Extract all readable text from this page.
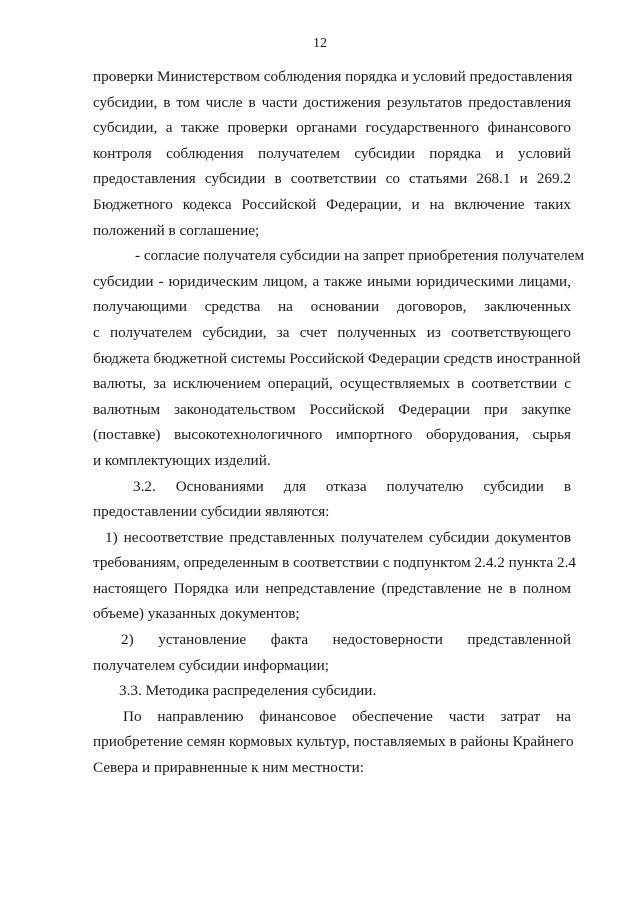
12
проверки Министерством соблюдения порядка и условий предоставления
субсидии, в том числе в части достижения результатов предоставления
субсидии, а также проверки органами государственного финансового
контроля соблюдения получателем субсидии порядка и условий
предоставления субсидии в соответствии со статьями 268.1 и 269.2
Бюджетного кодекса Российской Федерации, и на включение таких
положений в соглашение;
- согласие получателя субсидии на запрет приобретения получателем
субсидии - юридическим лицом, а также иными юридическими лицами,
получающими средства на основании договоров, заключенных
с получателем субсидии, за счет полученных из соответствующего
бюджета бюджетной системы Российской Федерации средств иностранной
валюты, за исключением операций, осуществляемых в соответствии с
валютным законодательством Российской Федерации при закупке
(поставке) высокотехнологичного импортного оборудования, сырья
и комплектующих изделий.
3.2. Основаниями для отказа получателю субсидии в
предоставлении субсидии являются:
1) несоответствие представленных получателем субсидии документов
требованиям, определенным в соответствии с подпунктом 2.4.2 пункта 2.4
настоящего Порядка или непредставление (представление не в полном
объеме) указанных документов;
2) установление факта недостоверности представленной
получателем субсидии информации;
3.3. Методика распределения субсидии.
По направлению финансовое обеспечение части затрат на
приобретение семян кормовых культур, поставляемых в районы Крайнего
Севера и приравненные к ним местности:
